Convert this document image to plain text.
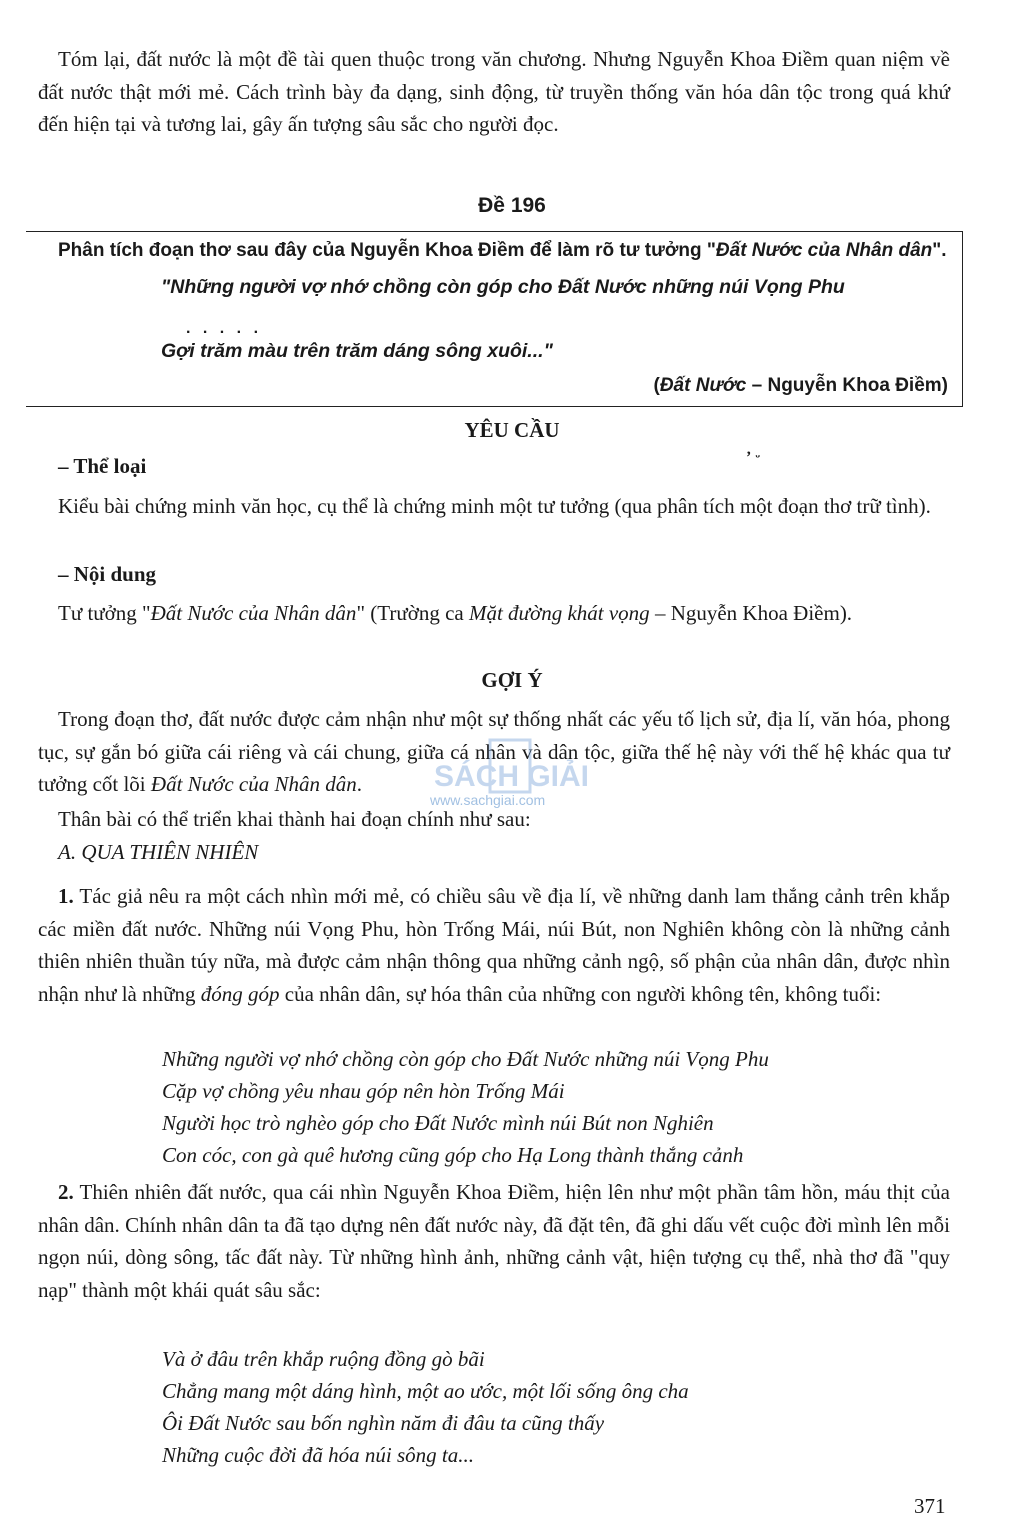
Tóm lại, đất nước là một đề tài quen thuộc trong văn chương. Nhưng Nguyễn Khoa Điềm quan niệm về đất nước thật mới mẻ. Cách trình bày đa dạng, sinh động, từ truyền thống văn hóa dân tộc trong quá khứ đến hiện tại và tương lai, gây ấn tượng sâu sắc cho người đọc.

Đề 196
Phân tích đoạn thơ sau đây của Nguyễn Khoa Điềm để làm rõ tư tưởng "Đất Nước của Nhân dân".
"Những người vợ nhớ chồng còn góp cho Đất Nước những núi Vọng Phu
. . . . .
Gợi trăm màu trên trăm dáng sông xuôi..."
(Đất Nước – Nguyễn Khoa Điềm)
YÊU CẦU
ʼ ᵕ
– Thể loại

Kiểu bài chứng minh văn học, cụ thể là chứng minh một tư tưởng (qua phân tích một đoạn thơ trữ tình).

– Nội dung

Tư tưởng "Đất Nước của Nhân dân" (Trường ca Mặt đường khát vọng – Nguyễn Khoa Điềm).

GỢI Ý

Trong đoạn thơ, đất nước được cảm nhận như một sự thống nhất các yếu tố lịch sử, địa lí, văn hóa, phong tục, sự gắn bó giữa cái riêng và cái chung, giữa cá nhân và dân tộc, giữa thế hệ này với thế hệ khác qua tư tưởng cốt lõi Đất Nước của Nhân dân.	SÁCH GIẢI
www.sachgiai.com

Thân bài có thể triển khai thành hai đoạn chính như sau:

A. QUA THIÊN NHIÊN

1. Tác giả nêu ra một cách nhìn mới mẻ, có chiều sâu về địa lí, về những danh lam thắng cảnh trên khắp các miền đất nước. Những núi Vọng Phu, hòn Trống Mái, núi Bút, non Nghiên không còn là những cảnh thiên nhiên thuần túy nữa, mà được cảm nhận thông qua những cảnh ngộ, số phận của nhân dân, được nhìn nhận như là những đóng góp của nhân dân, sự hóa thân của những con người không tên, không tuổi:

Những người vợ nhớ chồng còn góp cho Đất Nước những núi Vọng Phu
Cặp vợ chồng yêu nhau góp nên hòn Trống Mái
Người học trò nghèo góp cho Đất Nước mình núi Bút non Nghiên
Con cóc, con gà quê hương cũng góp cho Hạ Long thành thắng cảnh

2. Thiên nhiên đất nước, qua cái nhìn Nguyễn Khoa Điềm, hiện lên như một phần tâm hồn, máu thịt của nhân dân. Chính nhân dân ta đã tạo dựng nên đất nước này, đã đặt tên, đã ghi dấu vết cuộc đời mình lên mỗi ngọn núi, dòng sông, tấc đất này. Từ những hình ảnh, những cảnh vật, hiện tượng cụ thể, nhà thơ đã "quy nạp" thành một khái quát sâu sắc:

Và ở đâu trên khắp ruộng đồng gò bãi
Chẳng mang một dáng hình, một ao ước, một lối sống ông cha
Ôi Đất Nước sau bốn nghìn năm đi đâu ta cũng thấy
Những cuộc đời đã hóa núi sông ta...
371
